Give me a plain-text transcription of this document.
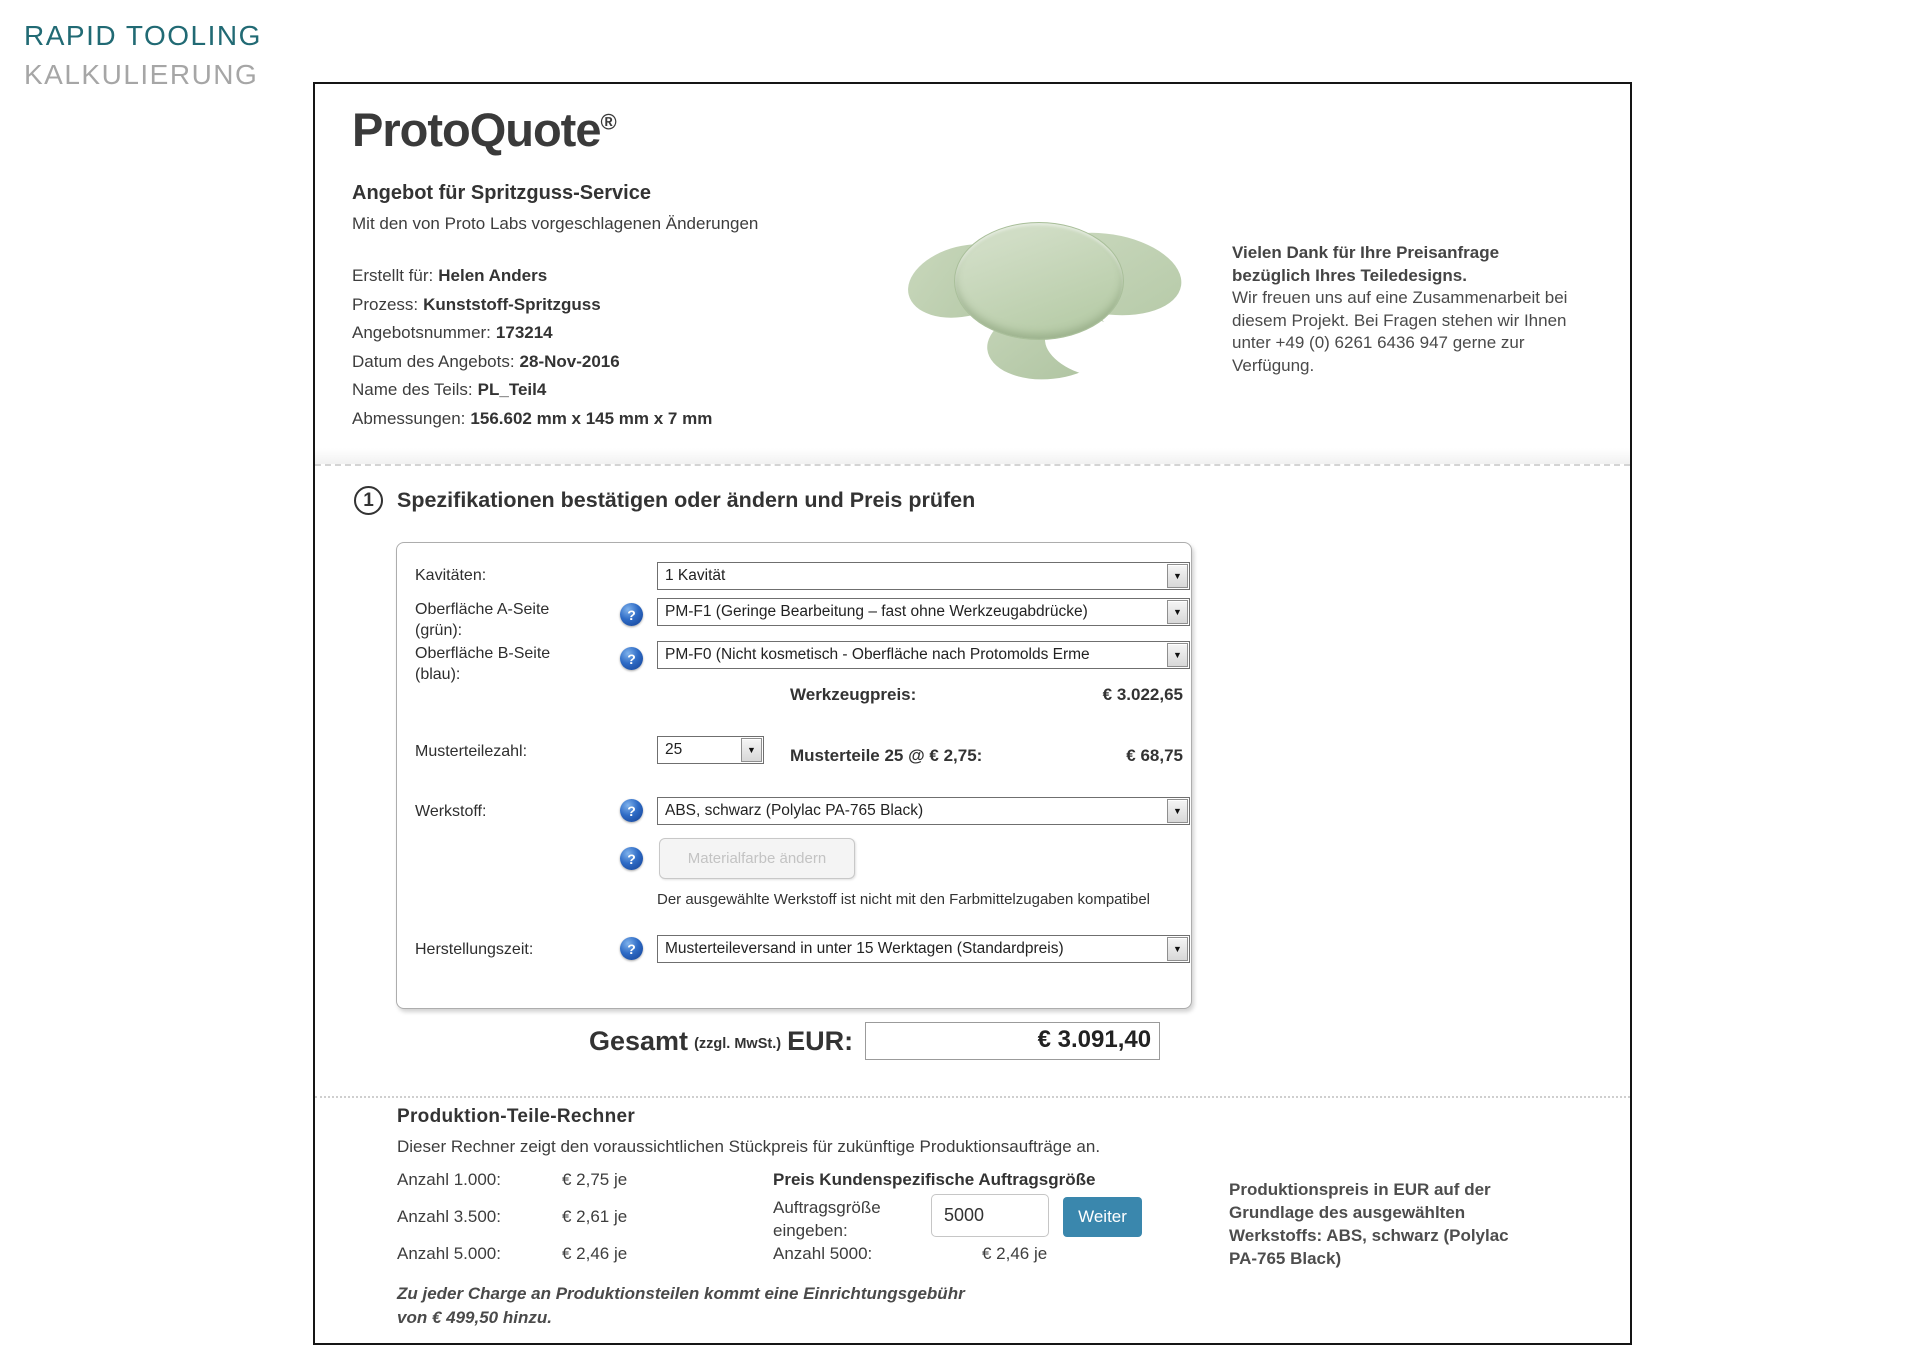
RAPID TOOLING
KALKULIERUNG
ProtoQuote®
Angebot für Spritzguss-Service
Mit den von Proto Labs vorgeschlagenen Änderungen
Erstellt für: Helen Anders
Prozess: Kunststoff-Spritzguss
Angebotsnummer: 173214
Datum des Angebots: 28-Nov-2016
Name des Teils: PL_Teil4
Abmessungen: 156.602 mm x 145 mm x 7 mm
Vielen Dank für Ihre Preisanfrage bezüglich Ihres Teiledesigns.
Wir freuen uns auf eine Zusammenarbeit bei diesem Projekt. Bei Fragen stehen wir Ihnen unter +49 (0) 6261 6436 947 gerne zur Verfügung.
1	Spezifikationen bestätigen oder ändern und Preis prüfen
Kavitäten:	1 Kavität	▼
Oberfläche A-Seite (grün):
?	PM-F1 (Geringe Bearbeitung – fast ohne Werkzeugabdrücke)	▼
Oberfläche B-Seite (blau):
?	PM-F0 (Nicht kosmetisch - Oberfläche nach Protomolds Erme	▼
Werkzeugpreis:	€ 3.022,65
Musterteilezahl:	25	▼	Musterteile 25 @ € 2,75:	€ 68,75
Werkstoff:	?	ABS, schwarz (Polylac PA-765 Black)	▼
?	Materialfarbe ändern
Der ausgewählte Werkstoff ist nicht mit den Farbmittelzugaben kompatibel
Herstellungszeit:	?	Musterteileversand in unter 15 Werktagen (Standardpreis)	▼
Gesamt (zzgl. MwSt.) EUR:	€ 3.091,40
Produktion-Teile-Rechner
Dieser Rechner zeigt den voraussichtlichen Stückpreis für zukünftige Produktionsaufträge an.
Anzahl 1.000:	€ 2,75 je
Anzahl 3.500:	€ 2,61 je
Anzahl 5.000:	€ 2,46 je
Preis Kundenspezifische Auftragsgröße
Auftragsgröße eingeben:
5000
Weiter
Anzahl 5000:	€ 2,46 je
Produktionspreis in EUR auf der Grundlage des ausgewählten Werkstoffs: ABS, schwarz (Polylac PA-765 Black)
Zu jeder Charge an Produktionsteilen kommt eine Einrichtungsgebühr von € 499,50 hinzu.
